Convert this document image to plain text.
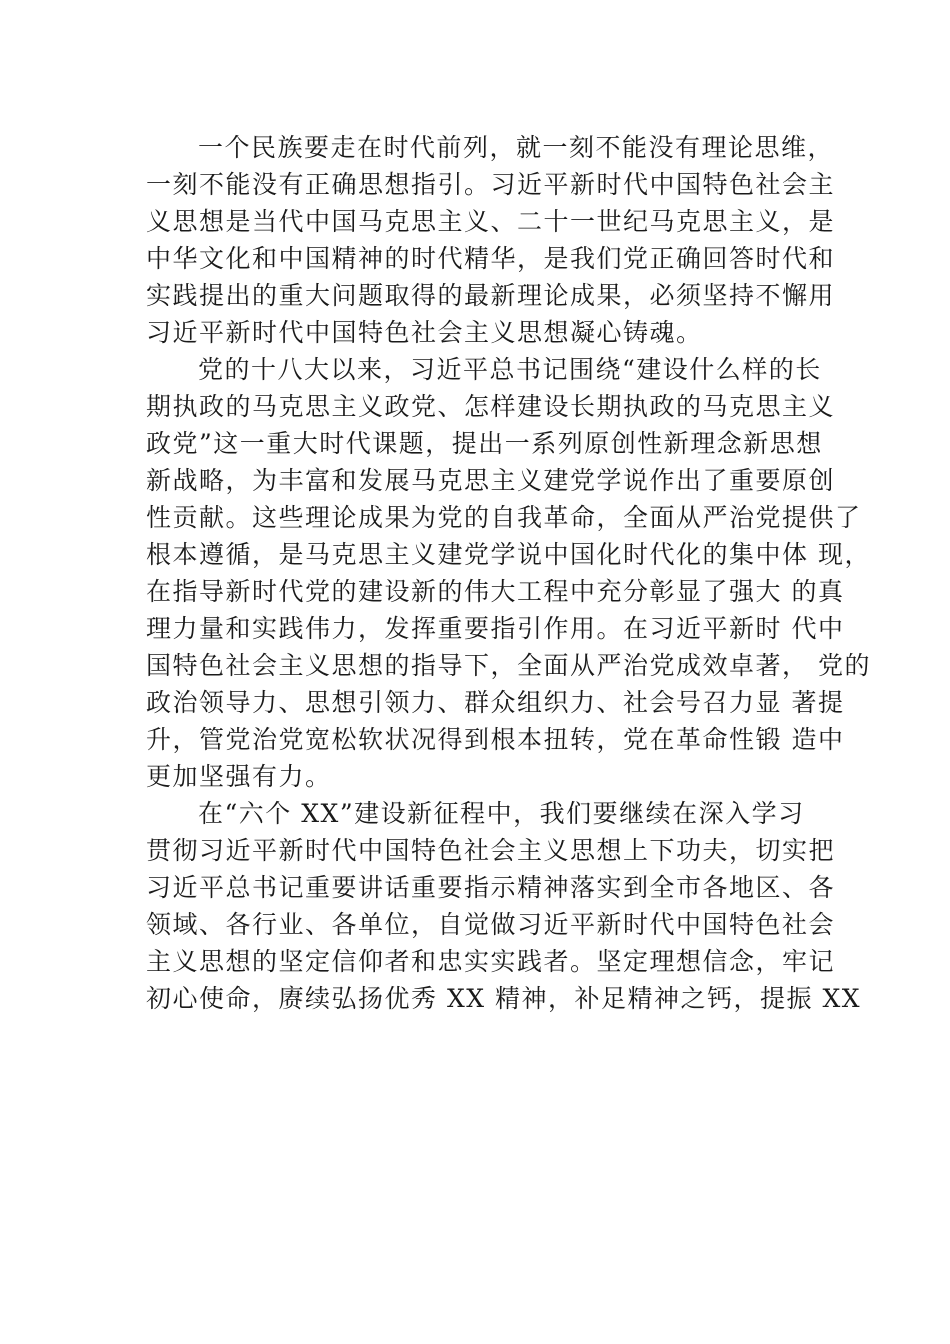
一个民族要走在时代前列，就一刻不能没有理论思维，
一刻不能没有正确思想指引。习近平新时代中国特色社会主
义思想是当代中国马克思主义、二十一世纪马克思主义，是
中华文化和中国精神的时代精华，是我们党正确回答时代和
实践提出的重大问题取得的最新理论成果，必须坚持不懈用
习近平新时代中国特色社会主义思想凝心铸魂。
党的十八大以来，习近平总书记围绕“建设什么样的长
期执政的马克思主义政党、怎样建设长期执政的马克思主义
政党”这一重大时代课题，提出一系列原创性新理念新思想
新战略，为丰富和发展马克思主义建党学说作出了重要原创
性贡献。这些理论成果为党的自我革命，全面从严治党提供了
根本遵循，是马克思主义建党学说中国化时代化的集中体 现，
在指导新时代党的建设新的伟大工程中充分彰显了强大 的真
理力量和实践伟力，发挥重要指引作用。在习近平新时 代中
国特色社会主义思想的指导下，全面从严治党成效卓著， 党的
政治领导力、思想引领力、群众组织力、社会号召力显 著提
升，管党治党宽松软状况得到根本扭转，党在革命性锻 造中
更加坚强有力。
在“六个 XX”建设新征程中，我们要继续在深入学习
贯彻习近平新时代中国特色社会主义思想上下功夫，切实把
习近平总书记重要讲话重要指示精神落实到全市各地区、各
领域、各行业、各单位，自觉做习近平新时代中国特色社会
主义思想的坚定信仰者和忠实实践者。坚定理想信念，牢记
初心使命，赓续弘扬优秀 XX 精神，补足精神之钙，提振 XX
